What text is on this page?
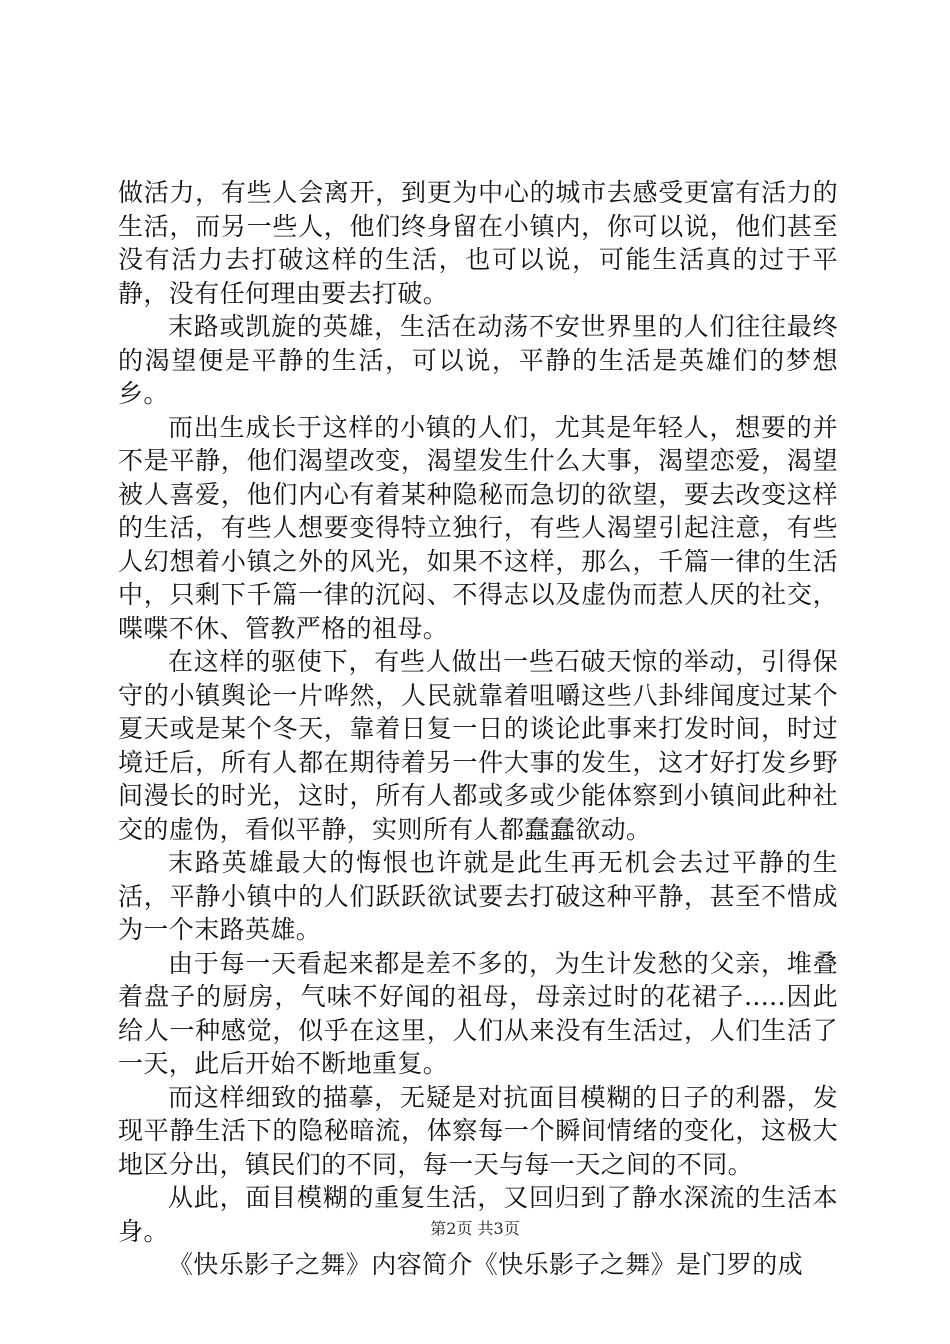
做活力，有些人会离开，到更为中心的城市去感受更富有活力的生活，而另一些人，他们终身留在小镇内，你可以说，他们甚至没有活力去打破这样的生活，也可以说，可能生活真的过于平静，没有任何理由要去打破。

末路或凯旋的英雄，生活在动荡不安世界里的人们往往最终的渴望便是平静的生活，可以说，平静的生活是英雄们的梦想乡。

而出生成长于这样的小镇的人们，尤其是年轻人，想要的并不是平静，他们渴望改变，渴望发生什么大事，渴望恋爱，渴望被人喜爱，他们内心有着某种隐秘而急切的欲望，要去改变这样的生活，有些人想要变得特立独行，有些人渴望引起注意，有些人幻想着小镇之外的风光，如果不这样，那么，千篇一律的生活中，只剩下千篇一律的沉闷、不得志以及虚伪而惹人厌的社交，喋喋不休、管教严格的祖母。

在这样的驱使下，有些人做出一些石破天惊的举动，引得保守的小镇舆论一片哗然，人民就靠着咀嚼这些八卦绯闻度过某个夏天或是某个冬天，靠着日复一日的谈论此事来打发时间，时过境迁后，所有人都在期待着另一件大事的发生，这才好打发乡野间漫长的时光，这时，所有人都或多或少能体察到小镇间此种社交的虚伪，看似平静，实则所有人都蠢蠢欲动。

末路英雄最大的悔恨也许就是此生再无机会去过平静的生活，平静小镇中的人们跃跃欲试要去打破这种平静，甚至不惜成为一个末路英雄。

由于每一天看起来都是差不多的，为生计发愁的父亲，堆叠着盘子的厨房，气味不好闻的祖母，母亲过时的花裙子.....因此给人一种感觉，似乎在这里，人们从来没有生活过，人们生活了一天，此后开始不断地重复。

而这样细致的描摹，无疑是对抗面目模糊的日子的利器，发现平静生活下的隐秘暗流，体察每一个瞬间情绪的变化，这极大地区分出，镇民们的不同，每一天与每一天之间的不同。

从此，面目模糊的重复生活，又回归到了静水深流的生活本身。

《快乐影子之舞》内容简介《快乐影子之舞》是门罗的成

第2页 共3页
